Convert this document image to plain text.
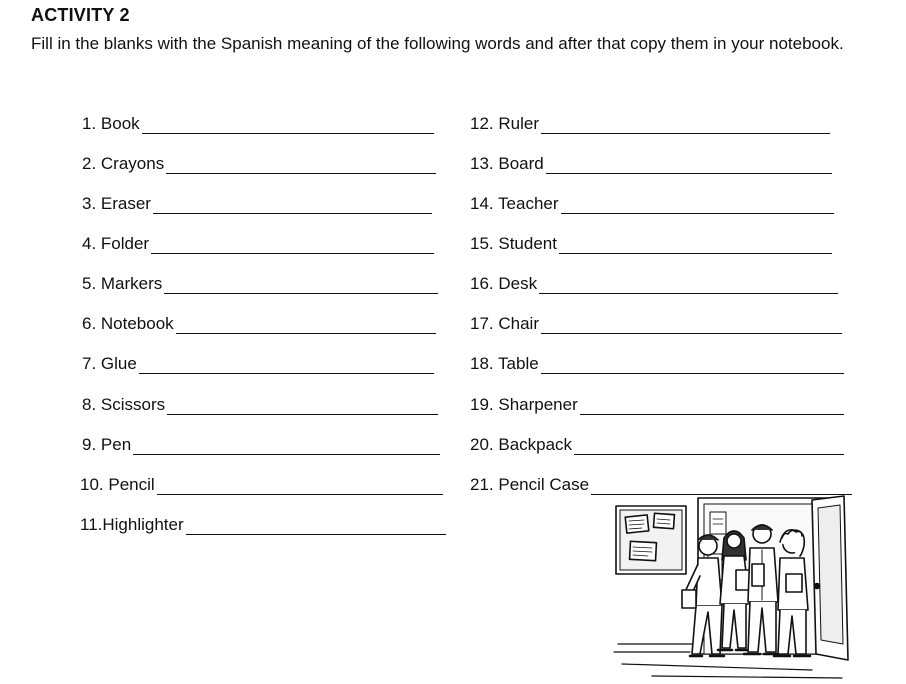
ACTIVITY 2
Fill in the blanks with the Spanish meaning of the following words and after that copy them in your notebook.
1. Book
2. Crayons
3. Eraser
4. Folder
5. Markers
6. Notebook
7. Glue
8. Scissors
9. Pen
10. Pencil
11.Highlighter
12. Ruler
13. Board
14. Teacher
15. Student
16. Desk
17. Chair
18. Table
19. Sharpener
20. Backpack
21. Pencil Case
